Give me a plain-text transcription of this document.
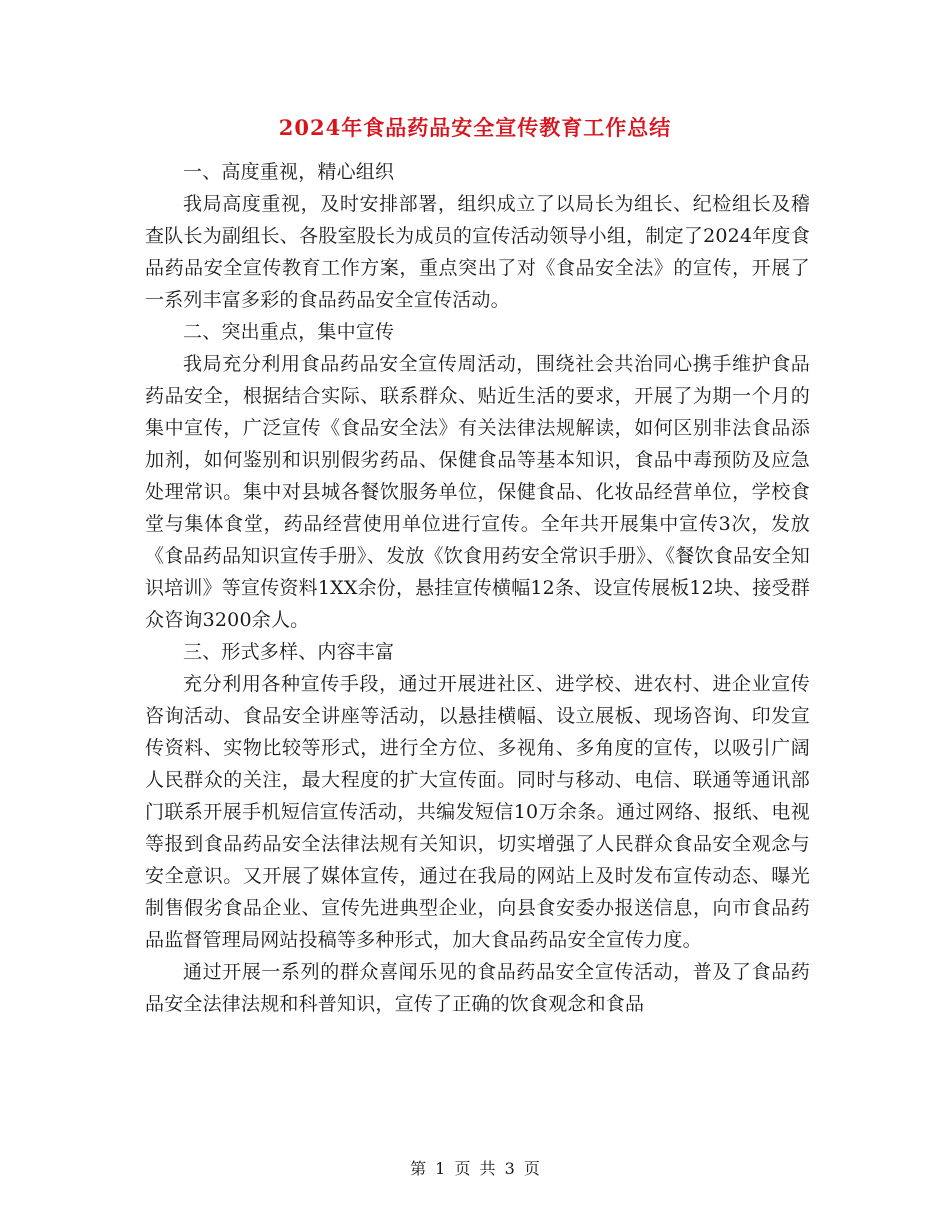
2024年食品药品安全宣传教育工作总结

一、高度重视，精心组织

我局高度重视，及时安排部署，组织成立了以局长为组长、纪检组长及稽查队长为副组长、各股室股长为成员的宣传活动领导小组，制定了2024年度食品药品安全宣传教育工作方案，重点突出了对《食品安全法》的宣传，开展了一系列丰富多彩的食品药品安全宣传活动。

二、突出重点，集中宣传

我局充分利用食品药品安全宣传周活动，围绕社会共治同心携手维护食品药品安全，根据结合实际、联系群众、贴近生活的要求，开展了为期一个月的集中宣传，广泛宣传《食品安全法》有关法律法规解读，如何区别非法食品添加剂，如何鉴别和识别假劣药品、保健食品等基本知识，食品中毒预防及应急处理常识。集中对县城各餐饮服务单位，保健食品、化妆品经营单位，学校食堂与集体食堂，药品经营使用单位进行宣传。全年共开展集中宣传3次，发放《食品药品知识宣传手册》、发放《饮食用药安全常识手册》、《餐饮食品安全知识培训》等宣传资料1XX余份，悬挂宣传横幅12条、设宣传展板12块、接受群众咨询3200余人。

三、形式多样、内容丰富

充分利用各种宣传手段，通过开展进社区、进学校、进农村、进企业宣传咨询活动、食品安全讲座等活动，以悬挂横幅、设立展板、现场咨询、印发宣传资料、实物比较等形式，进行全方位、多视角、多角度的宣传，以吸引广阔人民群众的关注，最大程度的扩大宣传面。同时与移动、电信、联通等通讯部门联系开展手机短信宣传活动，共编发短信10万余条。通过网络、报纸、电视等报到食品药品安全法律法规有关知识，切实增强了人民群众食品安全观念与安全意识。又开展了媒体宣传，通过在我局的网站上及时发布宣传动态、曝光制售假劣食品企业、宣传先进典型企业，向县食安委办报送信息，向市食品药品监督管理局网站投稿等多种形式，加大食品药品安全宣传力度。

通过开展一系列的群众喜闻乐见的食品药品安全宣传活动，普及了食品药品安全法律法规和科普知识，宣传了正确的饮食观念和食品

第 1 页 共 3 页
